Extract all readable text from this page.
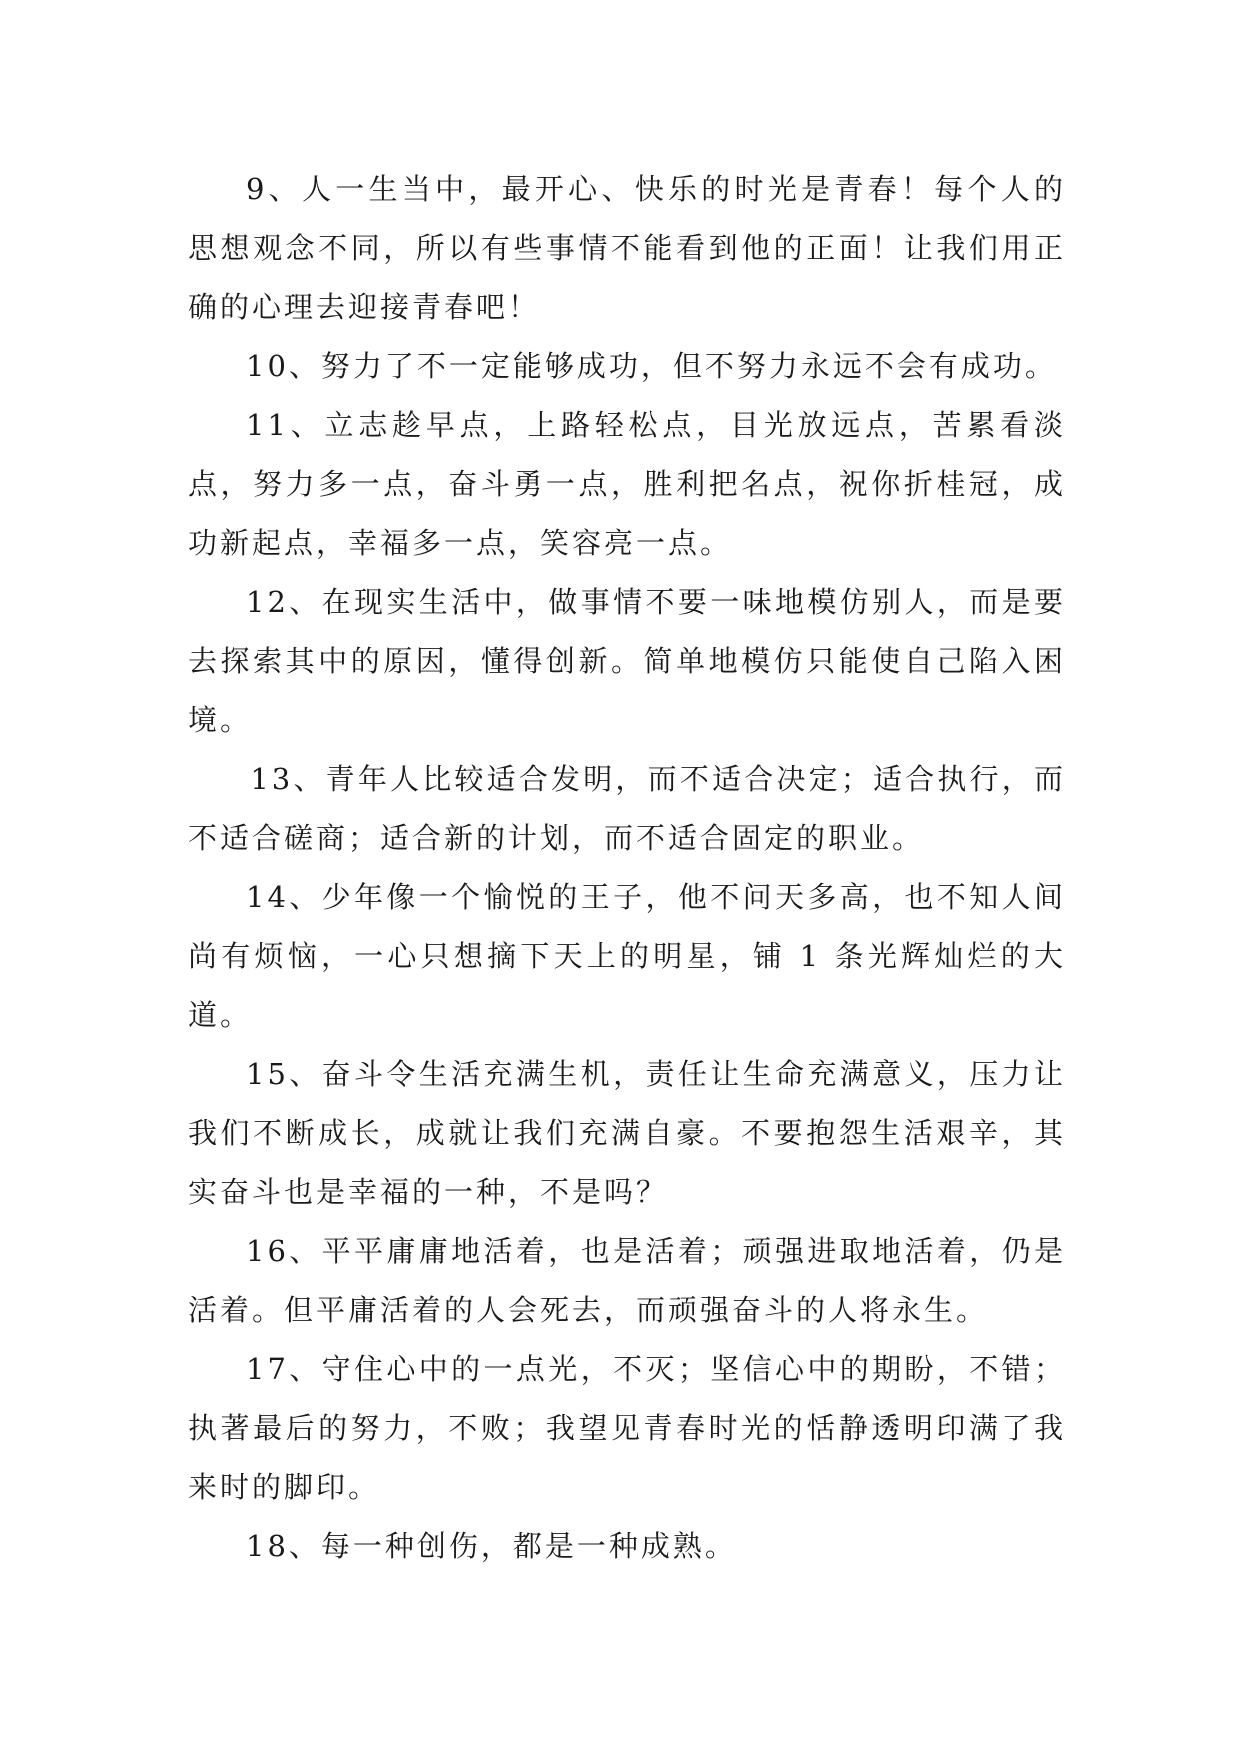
9、人一生当中，最开心、快乐的时光是青春！每个人的思想观念不同，所以有些事情不能看到他的正面！让我们用正确的心理去迎接青春吧！

10、努力了不一定能够成功，但不努力永远不会有成功。

11、立志趁早点，上路轻松点，目光放远点，苦累看淡点，努力多一点，奋斗勇一点，胜利把名点，祝你折桂冠，成功新起点，幸福多一点，笑容亮一点。

12、在现实生活中，做事情不要一味地模仿别人，而是要去探索其中的原因，懂得创新。简单地模仿只能使自己陷入困境。

13、青年人比较适合发明，而不适合决定；适合执行，而不适合磋商；适合新的计划，而不适合固定的职业。

14、少年像一个愉悦的王子，他不问天多高，也不知人间尚有烦恼，一心只想摘下天上的明星，铺 1 条光辉灿烂的大道。

15、奋斗令生活充满生机，责任让生命充满意义，压力让我们不断成长，成就让我们充满自豪。不要抱怨生活艰辛，其实奋斗也是幸福的一种，不是吗？

16、平平庸庸地活着，也是活着；顽强进取地活着，仍是活着。但平庸活着的人会死去，而顽强奋斗的人将永生。

17、守住心中的一点光，不灭；坚信心中的期盼，不错；执著最后的努力，不败；我望见青春时光的恬静透明印满了我来时的脚印。

18、每一种创伤，都是一种成熟。
